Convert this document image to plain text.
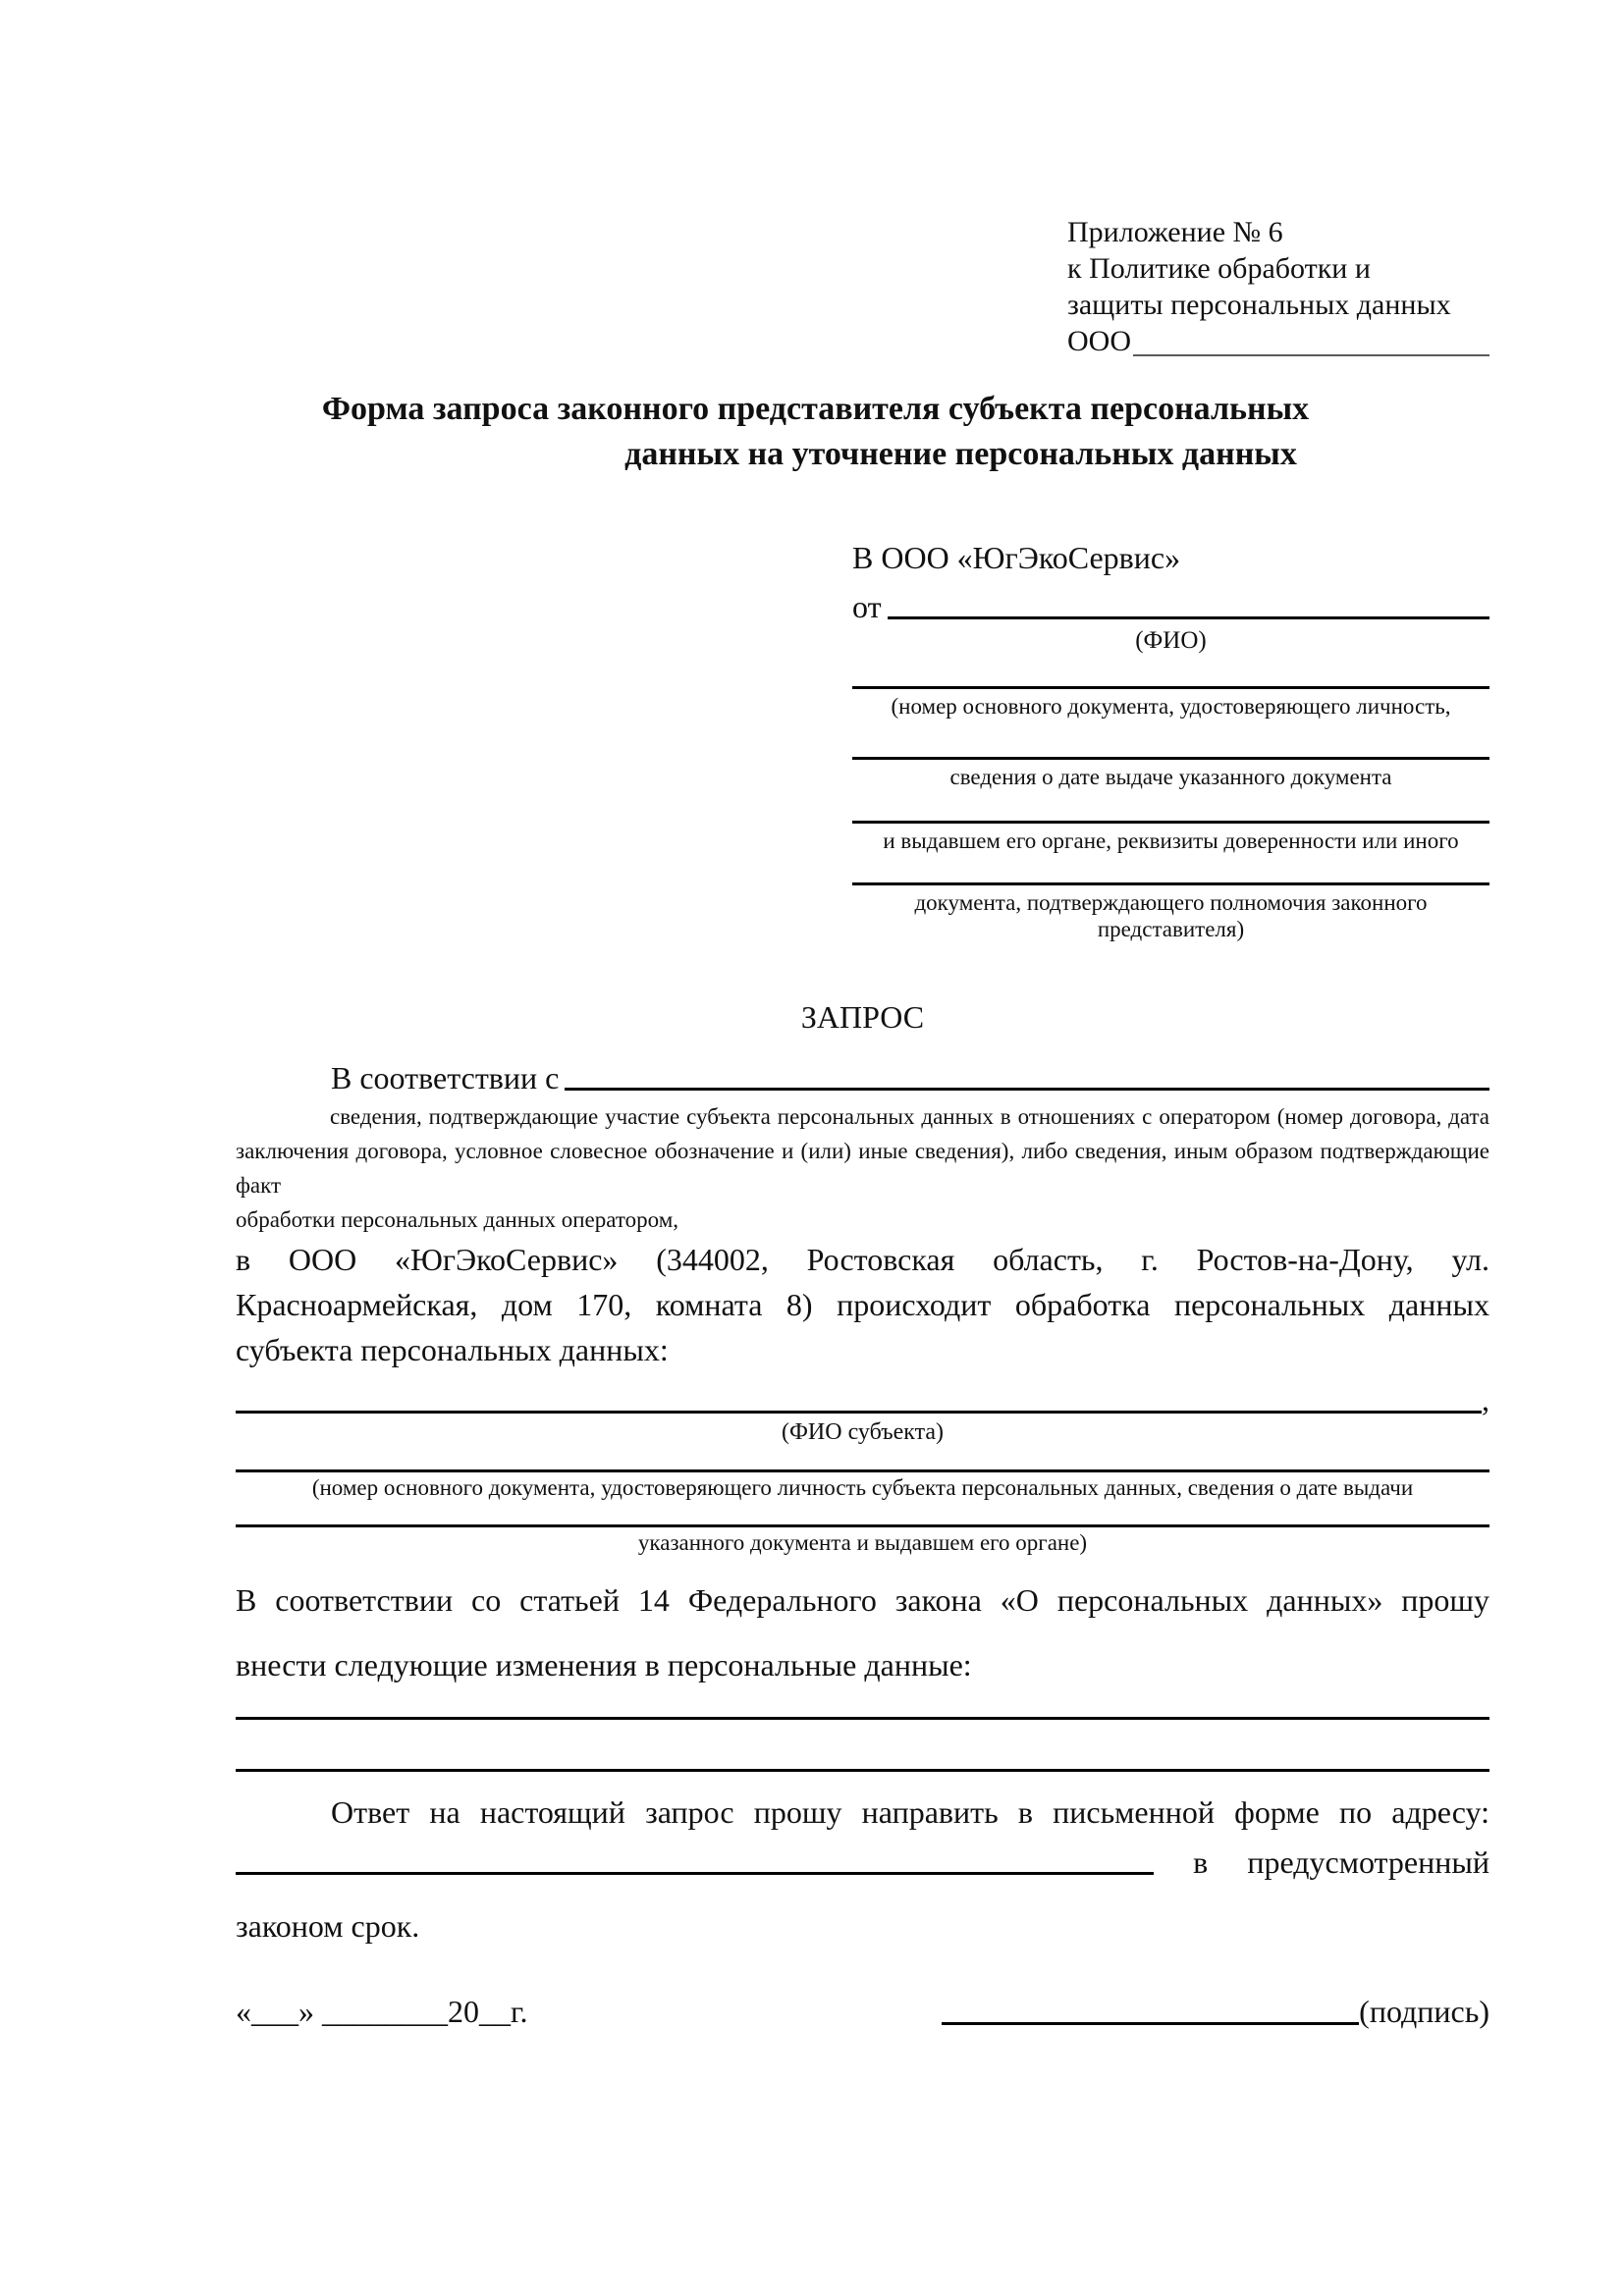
Приложение № 6
к Политике обработки и
защиты персональных данных
ООО
Форма запроса законного представителя субъекта персональных
данных на уточнение персональных данных
В ООО «ЮгЭкоСервис»
от
(ФИО)
(номер основного документа, удостоверяющего личность,
сведения о дате выдаче указанного документа
и выдавшем его органе, реквизиты доверенности или иного
документа, подтверждающего полномочия законного представителя)
ЗАПРОС
В соответствии с
сведения, подтверждающие участие субъекта персональных данных в отношениях с оператором (номер договора, дата
заключения договора, условное словесное обозначение и (или) иные сведения), либо сведения, иным образом подтверждающие факт
обработки персональных данных оператором,
в ООО «ЮгЭкоСервис» (344002, Ростовская область, г. Ростов-на-Дону, ул.
Красноармейская, дом 170, комната 8) происходит обработка персональных данных
субъекта персональных данных:
,
(ФИО субъекта)
(номер основного документа, удостоверяющего личность субъекта персональных данных, сведения о дате выдачи
указанного документа и выдавшем его органе)
В соответствии со статьей 14 Федерального закона «О персональных данных» прошу
внести следующие изменения в персональные данные:
Ответ на настоящий запрос прошу направить в письменной форме по адресу:
в предусмотренный
законом срок.
«___» ________20__г.	(подпись)
